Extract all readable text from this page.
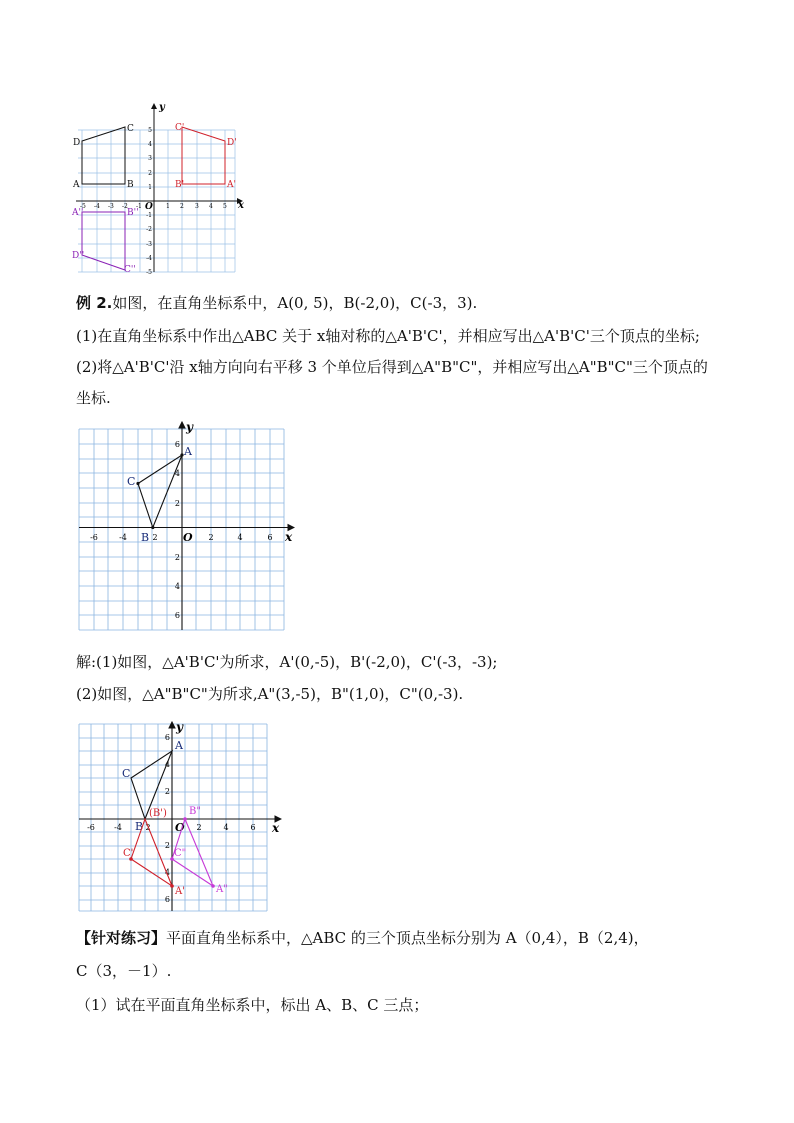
x
y
O
-5 -4 -3 -2 -1	1 2 3 4 5
5
4
3
2
1
-1
-2
-3
-4
-5
D
C
A	B
C'
D'
B'	A'
A''	B''
D''
C''
例 2.如图，在直角坐标系中，A(0, 5)，B(-2,0)，C(-3，3).
(1)在直角坐标系中作出△ABC 关于 x轴对称的△A'B'C'，并相应写出△A'B'C'三个顶点的坐标;
(2)将△A'B'C'沿 x轴方向向右平移 3 个单位后得到△A"B"C"，并相应写出△A"B"C"三个顶点的
坐标.
x
y
O
-6	-4	2	2	4	6
6
4
2
2
4
6
A
B
C
解:(1)如图，△A'B'C'为所求，A'(0,-5)，B'(-2,0)，C'(-3，-3);
(2)如图，△A"B"C"为所求,A"(3,-5)，B"(1,0)，C"(0,-3).
x
y
O
-6 -4	2	2	4	6
6
4
2
2
4
6
A
B
C
(B')
C'
A'
B"
C"
A"
【针对练习】平面直角坐标系中，△ABC 的三个顶点坐标分别为 A（0,4），B（2,4)，
C（3，－1）.
（1）试在平面直角坐标系中，标出 A、B、C 三点；
